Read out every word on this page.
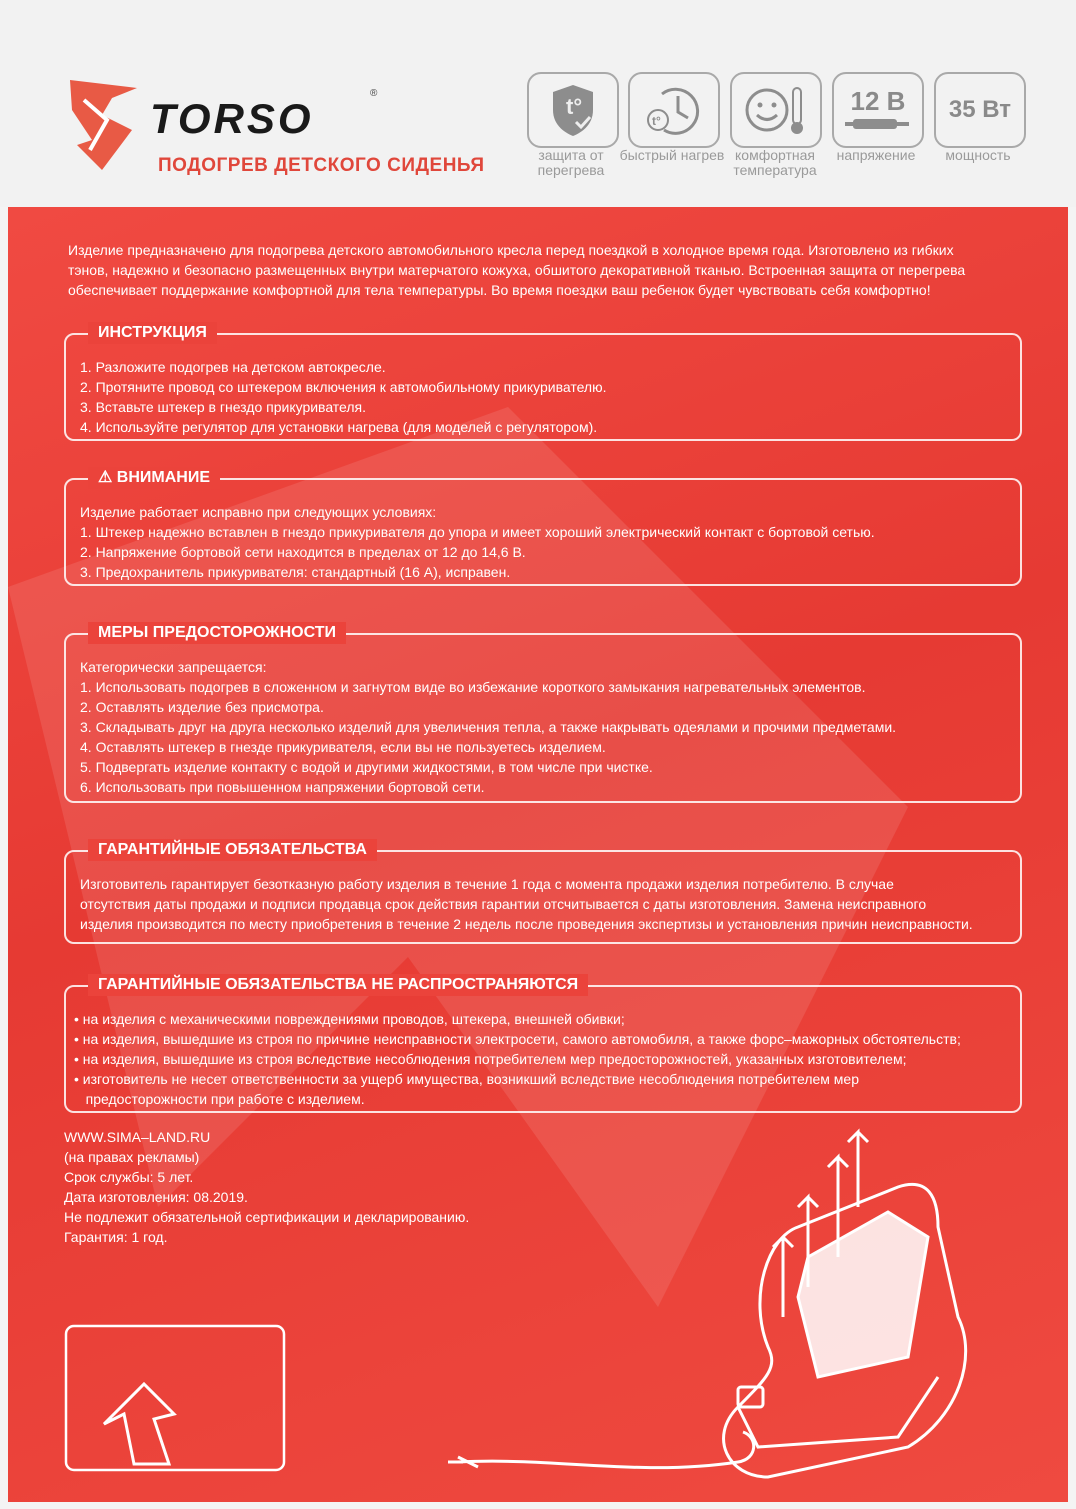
TORSO
®
ПОДОГРЕВ ДЕТСКОГО СИДЕНЬЯ
t°
защита от перегрева
t°
быстрый нагрев комфортная температура
12 В
напряжение
35 Вт
мощность
Изделие предназначено для подогрева детского автомобильного кресла перед поездкой в холодное время года. Изготовлено из гибких
тэнов, надежно и безопасно размещенных внутри матерчатого кожуха, обшитого декоративной тканью. Встроенная защита от перегрева
обеспечивает поддержание комфортной для тела температуры. Во время поездки ваш ребенок будет чувствовать себя комфортно!
ИНСТРУКЦИЯ
1. Разложите подогрев на детском автокресле.
2. Протяните провод со штекером включения к автомобильному прикуривателю.
3. Вставьте штекер в гнездо прикуривателя.
4. Используйте регулятор для установки нагрева (для моделей с регулятором).
⚠ ВНИМАНИЕ
Изделие работает исправно при следующих условиях:
1. Штекер надежно вставлен в гнездо прикуривателя до упора и имеет хороший электрический контакт с бортовой сетью.
2. Напряжение бортовой сети находится в пределах от 12 до 14,6 В.
3. Предохранитель прикуривателя: стандартный (16 А), исправен.
МЕРЫ ПРЕДОСТОРОЖНОСТИ
Категорически запрещается:
1. Использовать подогрев в сложенном и загнутом виде во избежание короткого замыкания нагревательных элементов.
2. Оставлять изделие без присмотра.
3. Складывать друг на друга несколько изделий для увеличения тепла, а также накрывать одеялами и прочими предметами.
4. Оставлять штекер в гнезде прикуривателя, если вы не пользуетесь изделием.
5. Подвергать изделие контакту с водой и другими жидкостями, в том числе при чистке.
6. Использовать при повышенном напряжении бортовой сети.
ГАРАНТИЙНЫЕ ОБЯЗАТЕЛЬСТВА
Изготовитель гарантирует безотказную работу изделия в течение 1 года с момента продажи изделия потребителю. В случае
отсутствия даты продажи и подписи продавца срок действия гарантии отсчитывается с даты изготовления. Замена неисправного
изделия производится по месту приобретения в течение 2 недель после проведения экспертизы и установления причин неисправности.
ГАРАНТИЙНЫЕ ОБЯЗАТЕЛЬСТВА НЕ РАСПРОСТРАНЯЮТСЯ
• на изделия с механическими повреждениями проводов, штекера, внешней обивки;
• на изделия, вышедшие из строя по причине неисправности электросети, самого автомобиля, а также форс–мажорных обстоятельств;
• на изделия, вышедшие из строя вследствие несоблюдения потребителем мер предосторожностей, указанных изготовителем;
• изготовитель не несет ответственности за ущерб имущества, возникший вследствие несоблюдения потребителем мер
предосторожности при работе с изделием.
WWW.SIMA–LAND.RU
(на правах рекламы)
Срок службы: 5 лет.
Дата изготовления: 08.2019.
Не подлежит обязательной сертификации и декларированию.
Гарантия: 1 год.
